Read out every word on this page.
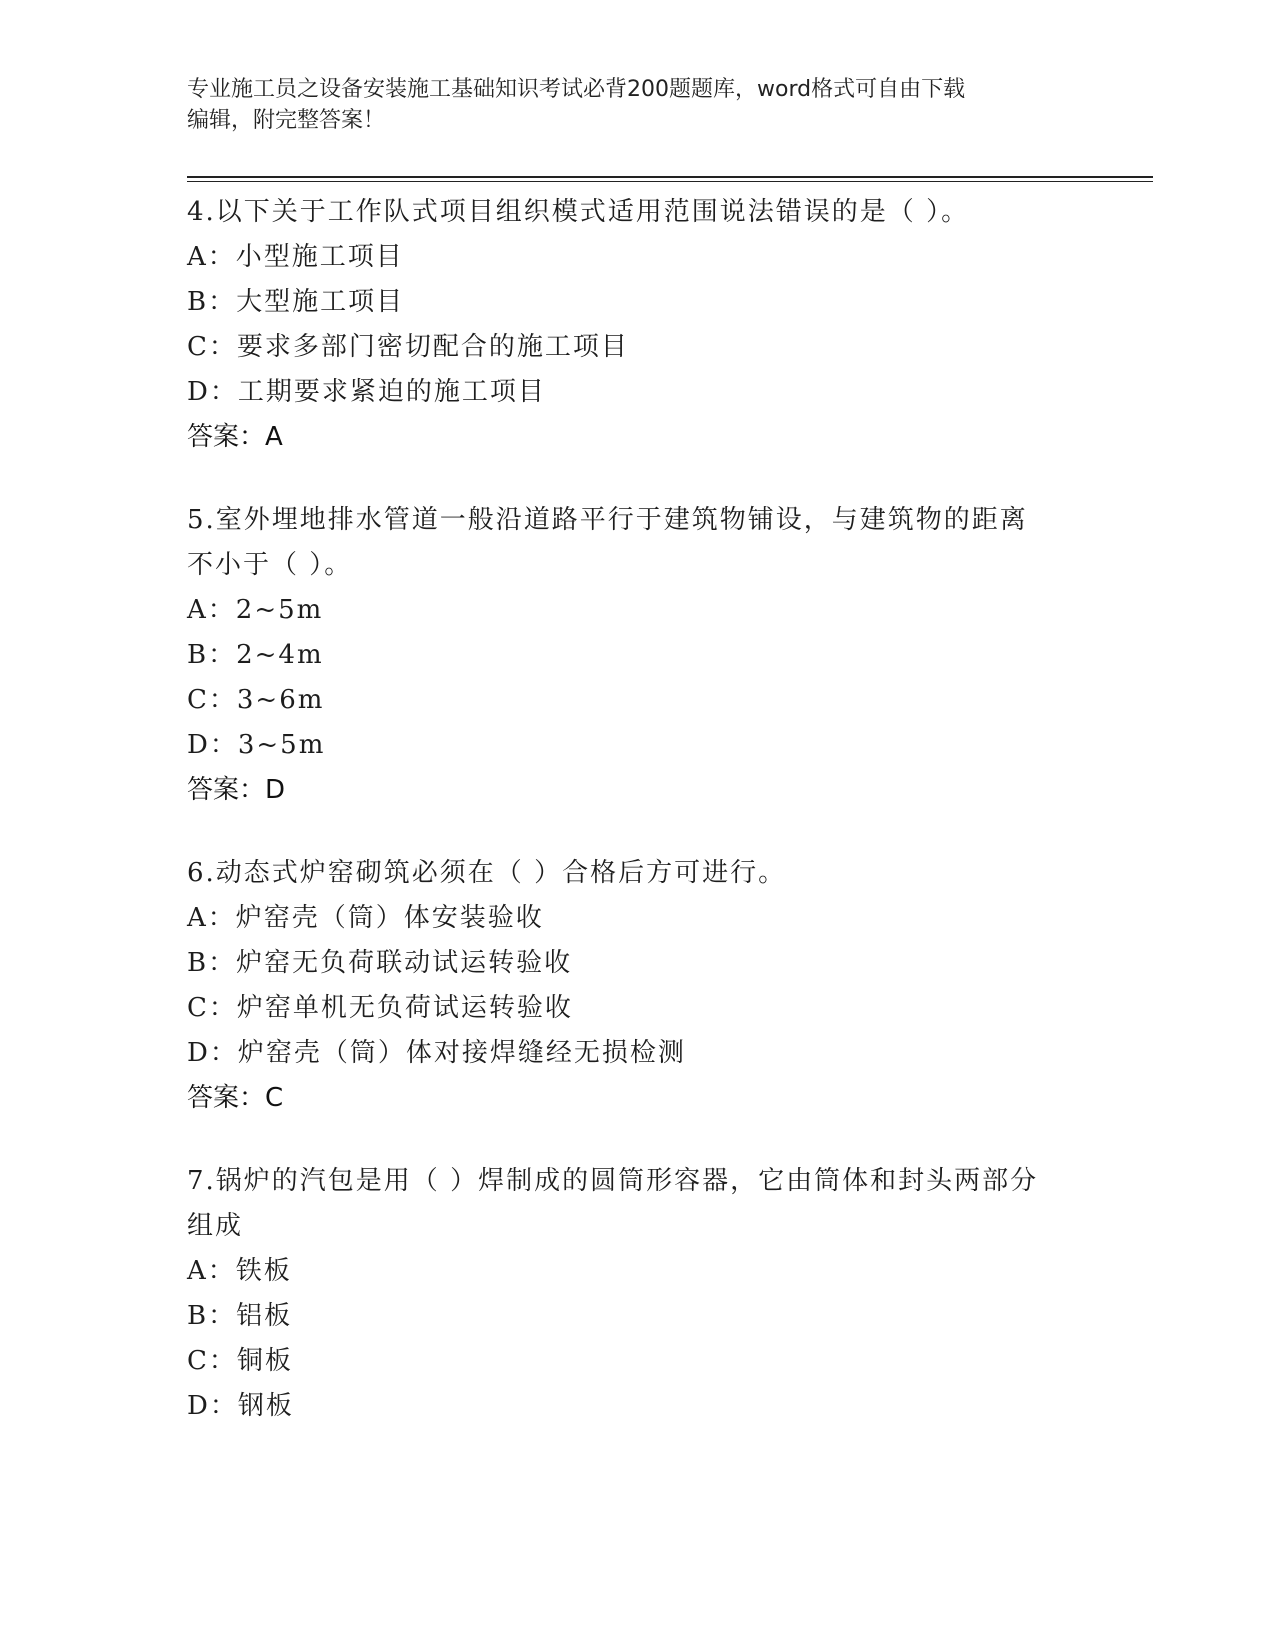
专业施工员之设备安装施工基础知识考试必背200题题库，word格式可自由下载
编辑，附完整答案！
4.以下关于工作队式项目组织模式适用范围说法错误的是（ ）。
A：小型施工项目
B：大型施工项目
C：要求多部门密切配合的施工项目
D：工期要求紧迫的施工项目
答案：A
5.室外埋地排水管道一般沿道路平行于建筑物铺设，与建筑物的距离
不小于（ ）。
A：2~5m
B：2~4m
C：3~6m
D：3~5m
答案：D
6.动态式炉窑砌筑必须在（ ）合格后方可进行。
A：炉窑壳（筒）体安装验收
B：炉窑无负荷联动试运转验收
C：炉窑单机无负荷试运转验收
D：炉窑壳（筒）体对接焊缝经无损检测
答案：C
7.锅炉的汽包是用（ ）焊制成的圆筒形容器，它由筒体和封头两部分
组成
A：铁板
B：铝板
C：铜板
D：钢板
